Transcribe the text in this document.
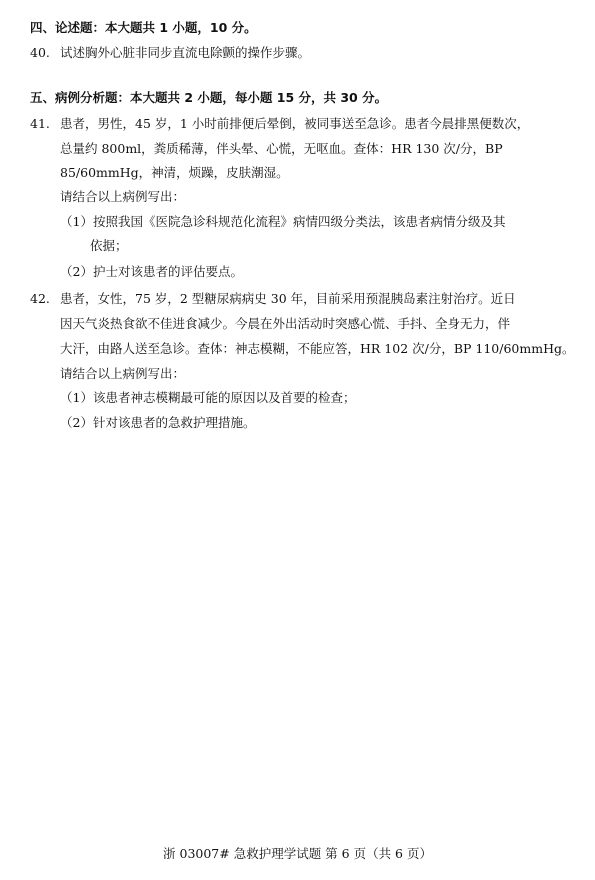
四、论述题：本大题共 1 小题，10 分。
40. 试述胸外心脏非同步直流电除颤的操作步骤。
五、病例分析题：本大题共 2 小题，每小题 15 分，共 30 分。
41. 患者，男性，45 岁，1 小时前排便后晕倒，被同事送至急诊。患者今晨排黑便数次，
总量约 800ml，粪质稀薄，伴头晕、心慌，无呕血。查体：HR 130 次/分，BP
85/60mmHg，神清，烦躁，皮肤潮湿。
请结合以上病例写出：
（1）按照我国《医院急诊科规范化流程》病情四级分类法，该患者病情分级及其
依据；
（2）护士对该患者的评估要点。
42. 患者，女性，75 岁，2 型糖尿病病史 30 年，目前采用预混胰岛素注射治疗。近日
因天气炎热食欲不佳进食减少。今晨在外出活动时突感心慌、手抖、全身无力，伴
大汗，由路人送至急诊。查体：神志模糊，不能应答，HR 102 次/分，BP 110/60mmHg。
请结合以上病例写出：
（1）该患者神志模糊最可能的原因以及首要的检查；
（2）针对该患者的急救护理措施。
浙 03007# 急救护理学试题 第 6 页（共 6 页）
